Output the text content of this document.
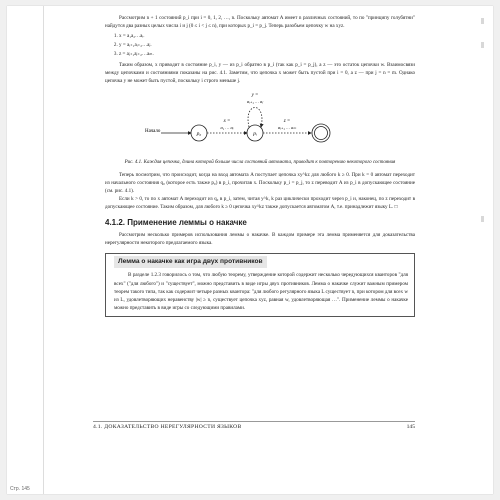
Стр. 145

Рассмотрим n + 1 состояний p_i при i = 0, 1, 2, …, n. Поскольку автомат A имеет n различных состояний, то по "принципу голубятни" найдутся два разных целых числа i и j (0 ≤ i < j ≤ n), при которых p_i = p_j. Теперь разобьем цепочку w на xyz.

1. x = a₁a₂…aᵢ.
2. y = aᵢ₊₁aᵢ₊₂…aⱼ.
3. z = aⱼ₊₁aⱼ₊₂…aₘ.

Таким образом, x приводит в состояние p_i, y — из p_i обратно в p_i (так как p_i = p_j), а z — это остаток цепочки w. Взаимосвязи между цепочками и состояниями показаны на рис. 4.1. Заметим, что цепочка x может быть пустой при i = 0, а z — при j = n = m. Однако цепочка y не может быть пустой, поскольку i строго меньше j.

Начало	p₀
x =
a₁ … aᵢ
pᵢ
y =
aᵢ₊₁ … aⱼ
z =
aⱼ₊₁ … aₘ

Рис. 4.1. Каждая цепочка, длина которой больше числа состояний автомата, приводит к повторению некоторого состояния

Теперь посмотрим, что происходит, когда на вход автомата A поступает цепочка xy^kz для любого k ≥ 0. При k = 0 автомат переходит из начального состояния q₀ (которое есть также p₀) в p_i, прочитав x. Поскольку p_i = p_j, то z переводит A из p_i в допускающее состояние (см. рис. 4.1).

Если k > 0, то по x автомат A переходит из q₀ в p_i, затем, читая y^k, k раз циклически проходит через p_i и, наконец, по z переходит в допускающее состояние. Таким образом, для любого k ≥ 0 цепочка xy^kz также допускается автоматом A, т.е. принадлежит языку L. □

4.1.2. Применение леммы о накачке

Рассмотрим несколько примеров использования леммы о накачке. В каждом примере эта лемма применяется для доказательства нерегулярности некоторого предлагаемого языка.

Лемма о накачке как игра двух противников

В разделе 1.2.3 говорилось о том, что любую теорему, утверждение которой содержит несколько чередующихся кванторов "для всех" ("для любого") и "существует", можно представить в виде игры двух противников. Лемма о накачке служит важным примером теорем такого типа, так как содержит четыре разных квантора: "для любого регулярного языка L существует n, при котором для всех w из L, удовлетворяющих неравенству |w| ≥ n, существует цепочка xyz, равная w, удовлетворяющая …". Применение леммы о накачке можно представить в виде игры со следующими правилами.

4.1. ДОКАЗАТЕЛЬСТВО НЕРЕГУЛЯРНОСТИ ЯЗЫКОВ	145
